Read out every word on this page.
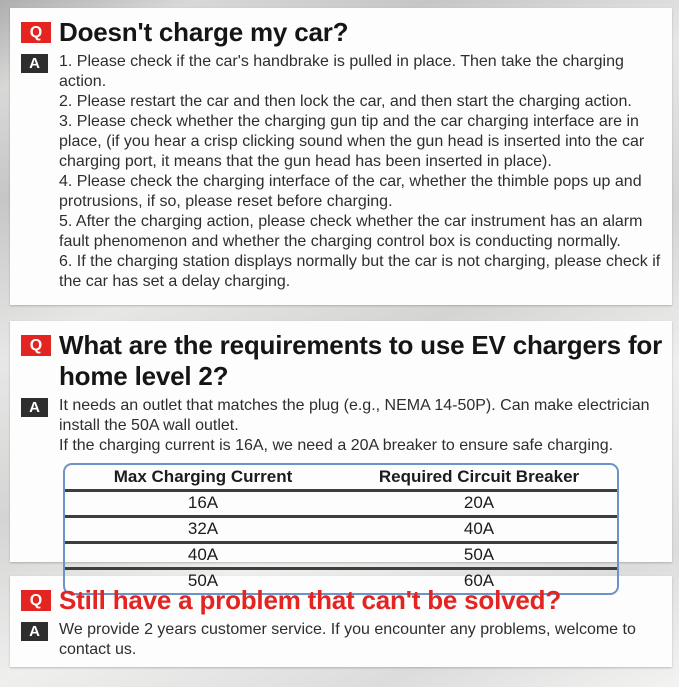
Q Doesn't charge my car?
A	1. Please check if the car's handbrake is pulled in place. Then take the charging action.

2. Please restart the car and then lock the car, and then start the charging action.

3. Please check whether the charging gun tip and the car charging interface are in place, (if you hear a crisp clicking sound when the gun head is inserted into the car charging port, it means that the gun head has been inserted in place).

4. Please check the charging interface of the car, whether the thimble pops up and protrusions, if so, please reset before charging.

5. After the charging action, please check whether the car instrument has an alarm fault phenomenon and whether the charging control box is conducting normally.

6. If the charging station displays normally but the car is not charging, please check if the car has set a delay charging.

Q What are the requirements to use EV chargers for home level 2?
A	It needs an outlet that matches the plug (e.g., NEMA 14-50P). Can make electrician install the 50A wall outlet.

If the charging current is 16A, we need a 20A breaker to ensure safe charging.

Max Charging Current	Required Circuit Breaker
16A	20A
32A	40A
40A	50A
50A	60A
Q Still have a problem that can't be solved?
A	We provide 2 years customer service. If you encounter any problems, welcome to contact us.
